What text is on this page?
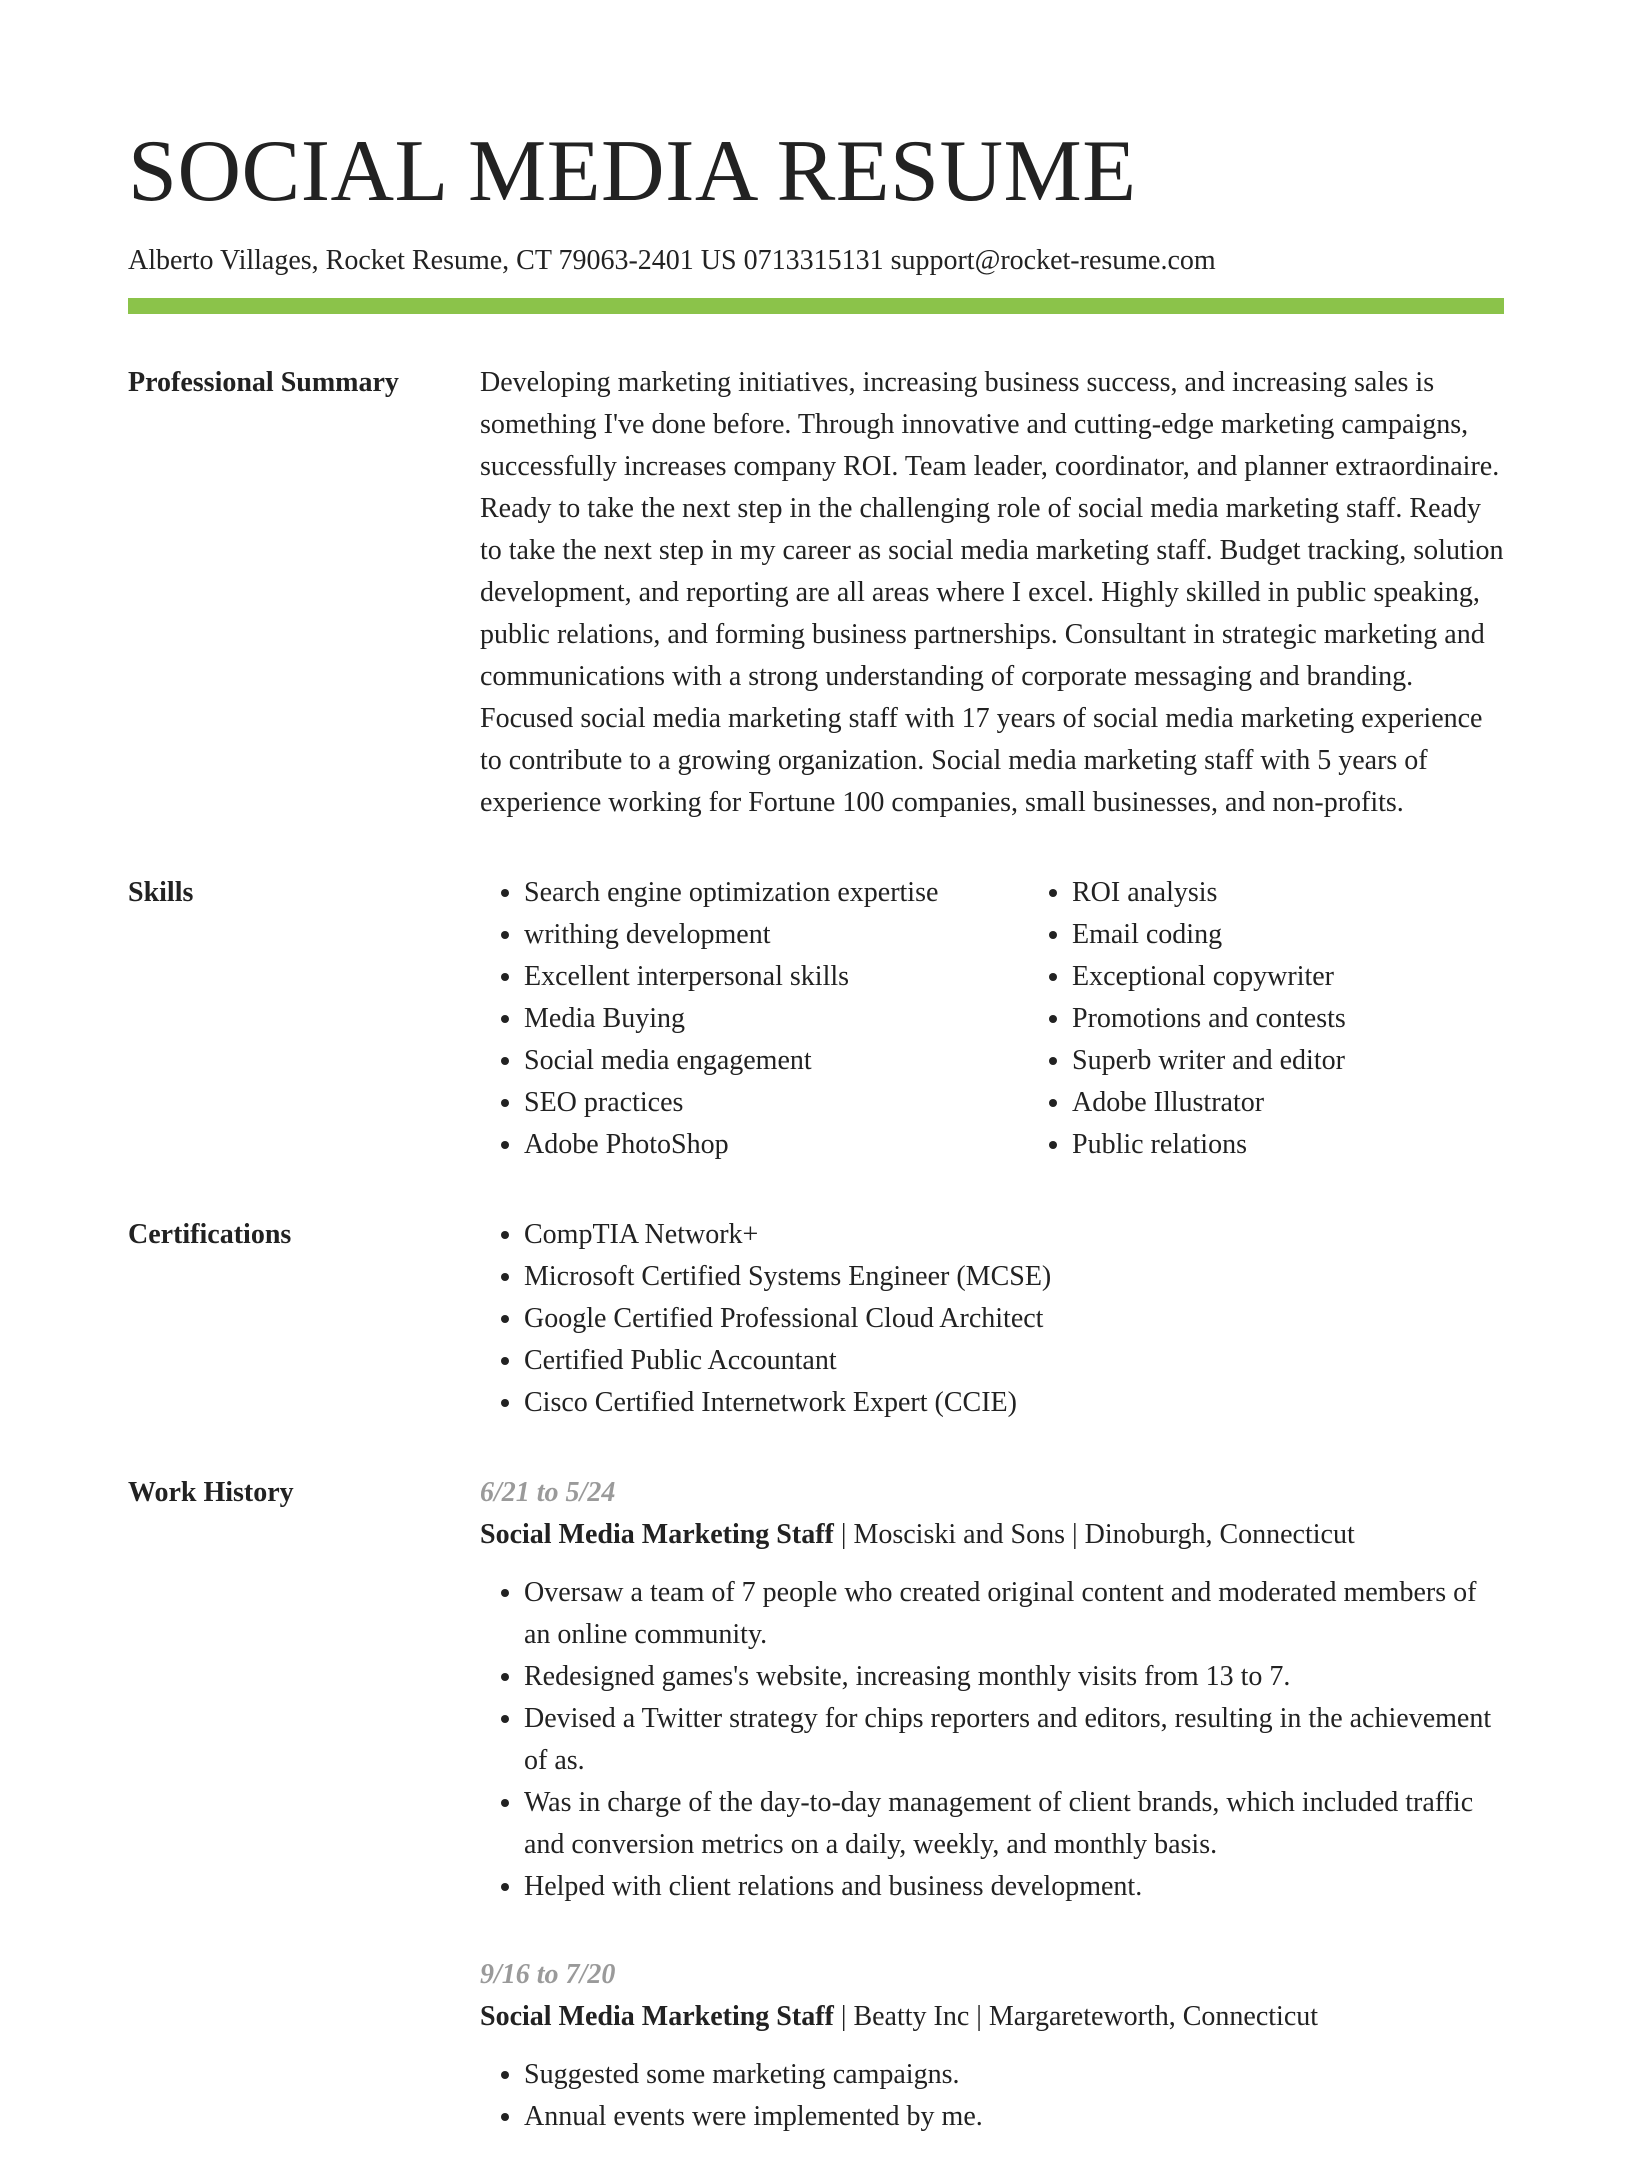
SOCIAL MEDIA RESUME
Alberto Villages, Rocket Resume, CT 79063-2401 US 0713315131 support@rocket-resume.com
Professional Summary	Developing marketing initiatives, increasing business success, and increasing sales is something I've done before. Through innovative and cutting-edge marketing campaigns, successfully increases company ROI. Team leader, coordinator, and planner extraordinaire. Ready to take the next step in the challenging role of social media marketing staff. Ready to take the next step in my career as social media marketing staff. Budget tracking, solution development, and reporting are all areas where I excel. Highly skilled in public speaking, public relations, and forming business partnerships. Consultant in strategic marketing and communications with a strong understanding of corporate messaging and branding. Focused social media marketing staff with 17 years of social media marketing experience to contribute to a growing organization. Social media marketing staff with 5 years of experience working for Fortune 100 companies, small businesses, and non-profits.

Skills	• Search engine optimization expertise
• writhing development
• Excellent interpersonal skills
• Media Buying
• Social media engagement
• SEO practices
• Adobe PhotoShop
• ROI analysis
• Email coding
• Exceptional copywriter
• Promotions and contests
• Superb writer and editor
• Adobe Illustrator
• Public relations
Certifications	• CompTIA Network+
• Microsoft Certified Systems Engineer (MCSE)
• Google Certified Professional Cloud Architect
• Certified Public Accountant
• Cisco Certified Internetwork Expert (CCIE)
Work History	6/21 to 5/24
Social Media Marketing Staff | Mosciski and Sons | Dinoburgh, Connecticut
• Oversaw a team of 7 people who created original content and moderated members of an online community.
• Redesigned games's website, increasing monthly visits from 13 to 7.
• Devised a Twitter strategy for chips reporters and editors, resulting in the achievement of as.
• Was in charge of the day-to-day management of client brands, which included traffic and conversion metrics on a daily, weekly, and monthly basis.
• Helped with client relations and business development.
9/16 to 7/20
Social Media Marketing Staff | Beatty Inc | Margareteworth, Connecticut
• Suggested some marketing campaigns.
• Annual events were implemented by me.
